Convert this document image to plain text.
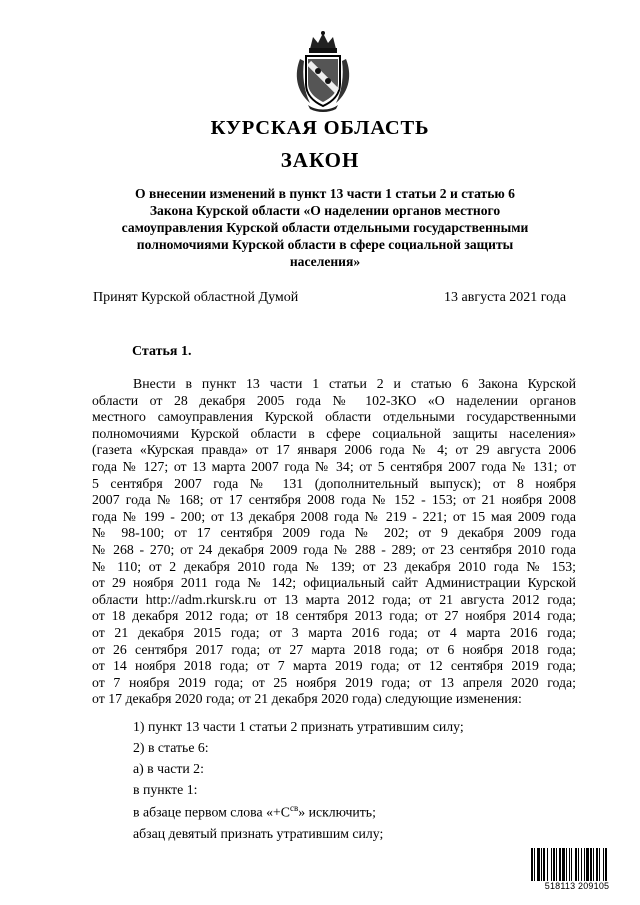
КУРСКАЯ ОБЛАСТЬ
ЗАКОН
О внесении изменений в пункт 13 части 1 статьи 2 и статью 6
Закона Курской области «О наделении органов местного
самоуправления Курской области отдельными государственными
полномочиями Курской области в сфере социальной защиты
населения»
Принят Курской областной Думой	13 августа 2021 года
Статья 1.
Внести в пункт 13 части 1 статьи 2 и статью 6 Закона Курской
области от 28 декабря 2005 года № 102-ЗКО «О наделении органов
местного самоуправления Курской области отдельными государственными
полномочиями Курской области в сфере социальной защиты населения»
(газета «Курская правда» от 17 января 2006 года № 4; от 29 августа 2006
года № 127; от 13 марта 2007 года № 34; от 5 сентября 2007 года № 131; от
5 сентября 2007 года № 131 (дополнительный выпуск); от 8 ноября
2007 года № 168; от 17 сентября 2008 года № 152 - 153; от 21 ноября 2008
года № 199 - 200; от 13 декабря 2008 года № 219 - 221; от 15 мая 2009 года
№ 98-100; от 17 сентября 2009 года № 202; от 9 декабря 2009 года
№ 268 - 270; от 24 декабря 2009 года № 288 - 289; от 23 сентября 2010 года
№ 110; от 2 декабря 2010 года № 139; от 23 декабря 2010 года № 153;
от 29 ноября 2011 года № 142; официальный сайт Администрации Курской
области http://adm.rkursk.ru от 13 марта 2012 года; от 21 августа 2012 года;
от 18 декабря 2012 года; от 18 сентября 2013 года; от 27 ноября 2014 года;
от 21 декабря 2015 года; от 3 марта 2016 года; от 4 марта 2016 года;
от 26 сентября 2017 года; от 27 марта 2018 года; от 6 ноября 2018 года;
от 14 ноября 2018 года; от 7 марта 2019 года; от 12 сентября 2019 года;
от 7 ноября 2019 года; от 25 ноября 2019 года; от 13 апреля 2020 года;
от 17 декабря 2020 года; от 21 декабря 2020 года) следующие изменения:
1) пункт 13 части 1 статьи 2 признать утратившим силу;
2) в статье 6:
а) в части 2:
в пункте 1:
в абзаце первом слова «$+С^{св}$» исключить;
абзац девятый признать утратившим силу;
518113 209105
